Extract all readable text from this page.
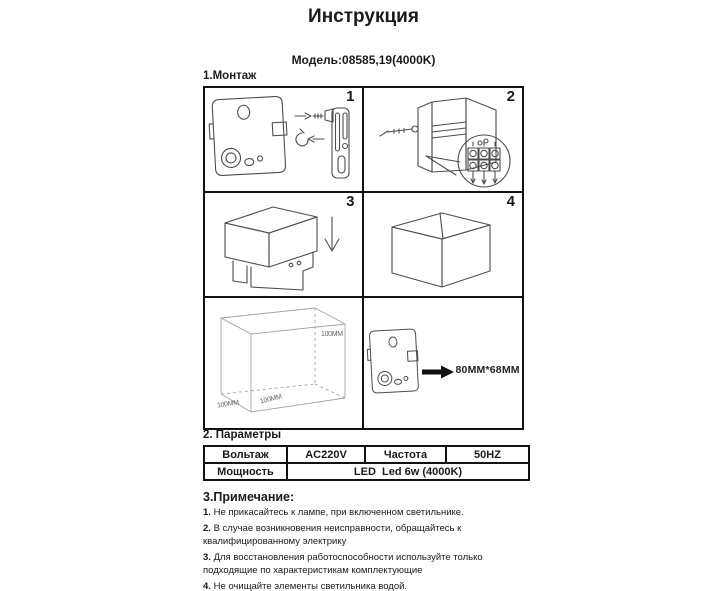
Инструкция
Модель:08585,19(4000K)
1.Монтаж
1	2
3	4
100MM
100MM
100MM
80MM*68MM
2. Параметры
Вольтаж	AC220V	Частота	50HZ
Мощность	LED  Led 6w (4000K)		
3.Примечание:
1. Не прикасайтесь к лампе, при включенном светильнике.
2. В случае возникновения неисправности, обращайтесь к квалифицированному электрику
3. Для восстановления работоспособности используйте только подходящие по характеристикам комплектующие
4. Не очищайте элементы светильника водой.
